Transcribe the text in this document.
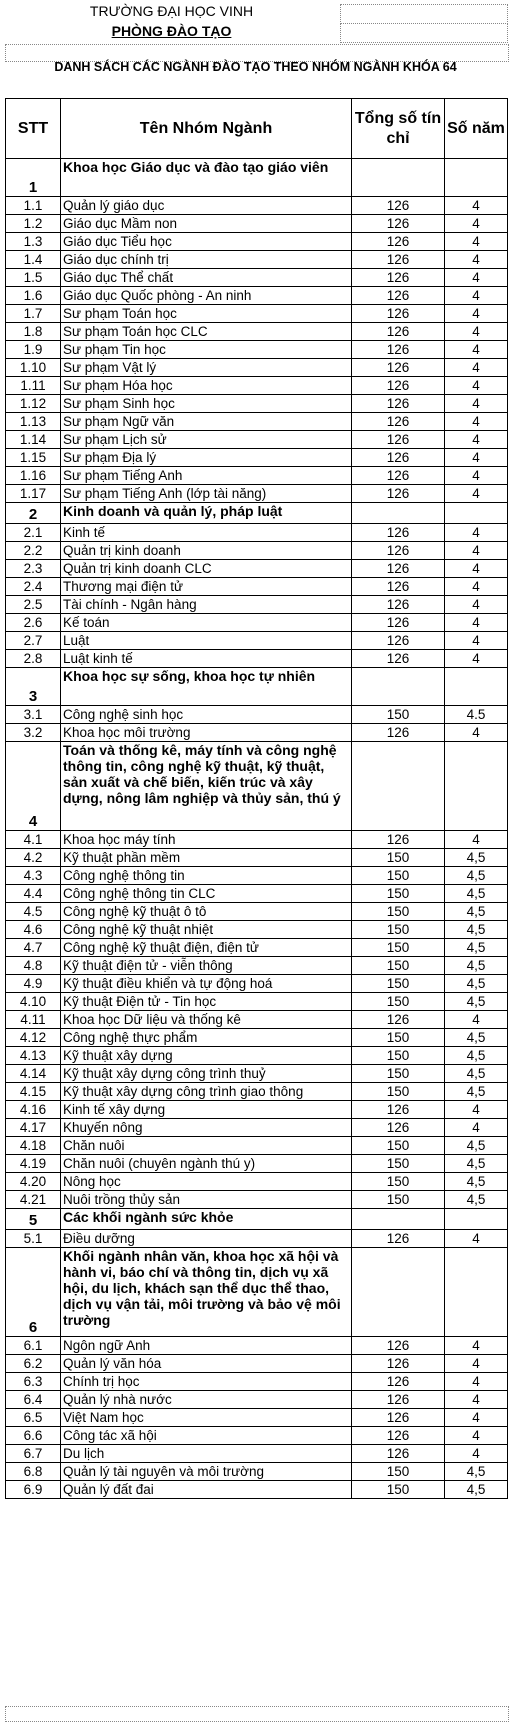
TRƯỜNG ĐẠI HỌC VINH
PHÒNG ĐÀO TẠO
DANH SÁCH CÁC NGÀNH ĐÀO TẠO THEO NHÓM NGÀNH KHÓA 64
STT	Tên Nhóm Ngành	Tổng số tín chỉ	Số năm
1	Khoa học Giáo dục và đào tạo giáo viên		
1.1	Quản lý giáo dục	126	4
1.2	Giáo dục Mầm non	126	4
1.3	Giáo dục Tiểu học	126	4
1.4	Giáo dục chính trị	126	4
1.5	Giáo dục Thể chất	126	4
1.6	Giáo dục Quốc phòng - An ninh	126	4
1.7	Sư phạm Toán học	126	4
1.8	Sư phạm Toán học CLC	126	4
1.9	Sư phạm Tin học	126	4
1.10	Sư phạm Vật lý	126	4
1.11	Sư phạm Hóa học	126	4
1.12	Sư phạm Sinh học	126	4
1.13	Sư phạm Ngữ văn	126	4
1.14	Sư phạm Lịch sử	126	4
1.15	Sư phạm Địa lý	126	4
1.16	Sư phạm Tiếng Anh	126	4
1.17	Sư phạm Tiếng Anh (lớp tài năng)	126	4
2	Kinh doanh và quản lý, pháp luật		
2.1	Kinh tế	126	4
2.2	Quản trị kinh doanh	126	4
2.3	Quản trị kinh doanh CLC	126	4
2.4	Thương mại điện tử	126	4
2.5	Tài chính - Ngân hàng	126	4
2.6	Kế toán	126	4
2.7	Luật	126	4
2.8	Luật kinh tế	126	4
3	Khoa học sự sống, khoa học tự nhiên		
3.1	Công nghệ sinh học	150	4.5
3.2	Khoa học môi trường	126	4
4	Toán và thống kê, máy tính và công nghệ thông tin, công nghệ kỹ thuật, kỹ thuật, sản xuất và chế biến, kiến trúc và xây dựng, nông lâm nghiệp và thủy sản, thú ý		
4.1	Khoa học máy tính	126	4
4.2	Kỹ thuật phần mềm	150	4,5
4.3	Công nghệ thông tin	150	4,5
4.4	Công nghệ thông tin CLC	150	4,5
4.5	Công nghệ kỹ thuật ô tô	150	4,5
4.6	Công nghệ kỹ thuật nhiệt	150	4,5
4.7	Công nghệ kỹ thuật điện, điện tử	150	4,5
4.8	Kỹ thuật điện tử - viễn thông	150	4,5
4.9	Kỹ thuật điều khiển và tự động hoá	150	4,5
4.10	Kỹ thuật Điện tử - Tin học	150	4,5
4.11	Khoa học Dữ liệu và thống kê	126	4
4.12	Công nghệ thực phẩm	150	4,5
4.13	Kỹ thuật xây dựng	150	4,5
4.14	Kỹ thuật xây dựng công trình thuỷ	150	4,5
4.15	Kỹ thuật xây dựng công trình giao thông	150	4,5
4.16	Kinh tế xây dựng	126	4
4.17	Khuyến nông	126	4
4.18	Chăn nuôi	150	4,5
4.19	Chăn nuôi (chuyên ngành thú y)	150	4,5
4.20	Nông học	150	4,5
4.21	Nuôi trồng thủy sản	150	4,5
5	Các khối ngành sức khỏe		
5.1	Điều dưỡng	126	4
6	Khối ngành nhân văn, khoa học xã hội và hành vi, báo chí và thông tin, dịch vụ xã hội, du lịch, khách sạn thể dục thể thao, dịch vụ vận tải, môi trường và bảo vệ môi trường		
6.1	Ngôn ngữ Anh	126	4
6.2	Quản lý văn hóa	126	4
6.3	Chính trị học	126	4
6.4	Quản lý nhà nước	126	4
6.5	Việt Nam học	126	4
6.6	Công tác xã hội	126	4
6.7	Du lịch	126	4
6.8	Quản lý tài nguyên và môi trường	150	4,5
6.9	Quản lý đất đai	150	4,5
